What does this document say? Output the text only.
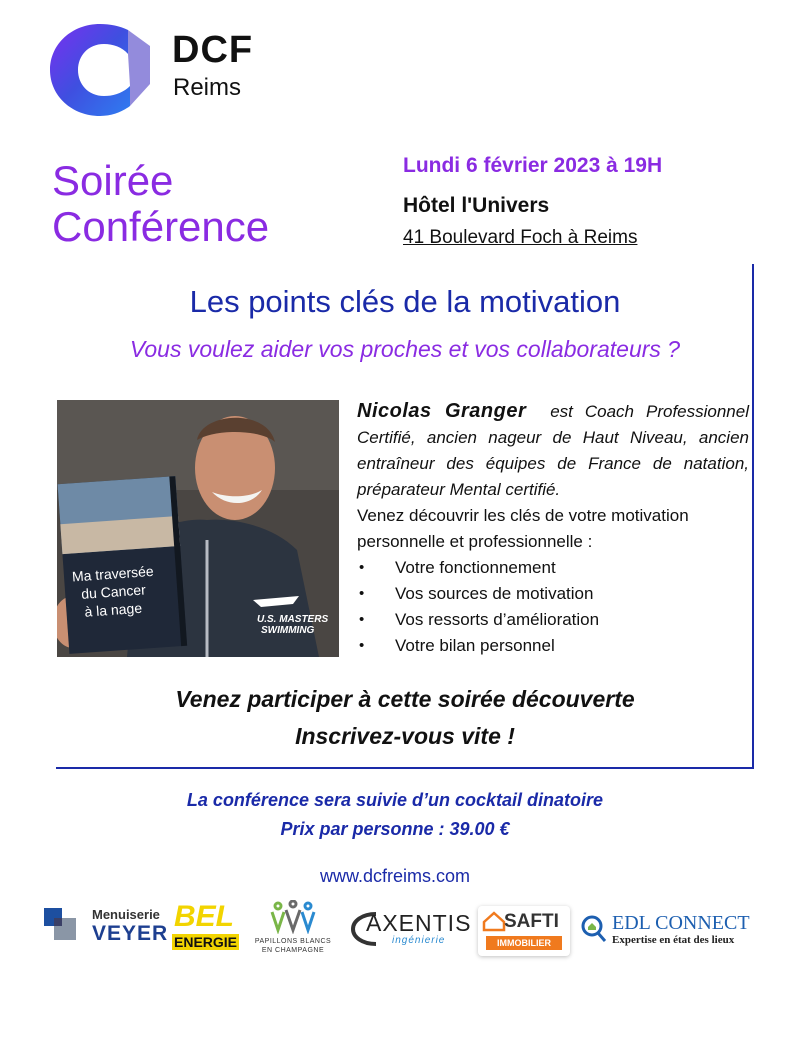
DCF
Reims
Soirée
Conférence
Lundi 6 février 2023 à 19H
Hôtel l'Univers
41 Boulevard Foch à Reims
Les points clés de la motivation
Vous voulez aider vos proches et vos collaborateurs ?
U.S. MASTERS
SWIMMING
Ma traversée
du Cancer
à la nage
Nicolas Granger est Coach Professionnel Certifié, ancien nageur de Haut Niveau, ancien entraîneur des équipes de France de natation, préparateur Mental certifié.
Venez découvrir les clés de votre motivation personnelle et professionnelle :
• Votre fonctionnement
• Vos sources de motivation
• Vos ressorts d’amélioration
• Votre bilan personnel
Venez participer à cette soirée découverte
Inscrivez-vous vite !
La conférence sera suivie d’un cocktail dinatoire
Prix par personne : 39.00 €
www.dcfreims.com
Menuiserie
VEYER
BEL
ENERGIE	PAPILLONS BLANCS
EN CHAMPAGNE
AXENTIS
ingénierie
SAFTI
IMMOBILIER
EDL CONNECT
Expertise en état des lieux
